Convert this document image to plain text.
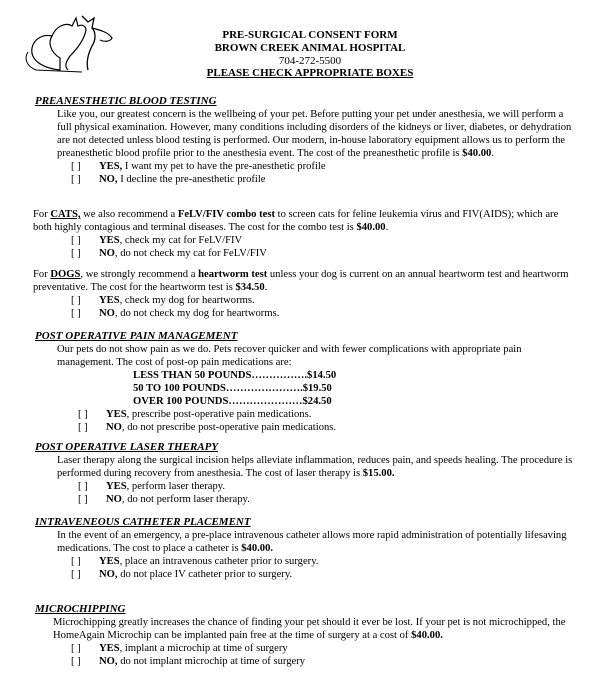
PRE-SURGICAL CONSENT FORM
BROWN CREEK ANIMAL HOSPITAL
704-272-5500
PLEASE CHECK APPROPRIATE BOXES
PREANESTHETIC BLOOD TESTING
Like you, our greatest concern is the wellbeing of your pet. Before putting your pet under anesthesia, we will perform a full physical examination. However, many conditions including disorders of the kidneys or liver, diabetes, or dehydration are not detected unless blood testing is performed. Our modern, in-house laboratory equipment allows us to perform the preanesthetic blood profile prior to the anesthesia event. The cost of the preanesthetic profile is $40.00.
[ ] YES, I want my pet to have the pre-anesthetic profile
[ ] NO, I decline the pre-anesthetic profile
For CATS, we also recommend a FeLV/FIV combo test to screen cats for feline leukemia virus and FIV(AIDS); which are both highly contagious and terminal diseases. The cost for the combo test is $40.00.
[ ] YES, check my cat for FeLV/FIV
[ ] NO, do not check my cat for FeLV/FIV
For DOGS, we strongly recommend a heartworm test unless your dog is current on an annual heartworm test and heartworm preventative. The cost for the heartworm test is $34.50.
[ ] YES, check my dog for heartworms.
[ ] NO, do not check my dog for heartworms.
POST OPERATIVE PAIN MANAGEMENT
Our pets do not show pain as we do. Pets recover quicker and with fewer complications with appropriate pain management. The cost of post-op pain medications are:
LESS THAN 50 POUNDS…………….$14.50
50 TO 100 POUNDS………………….$19.50
OVER 100 POUNDS…………………$24.50
[ ] YES, prescribe post-operative pain medications.
[ ] NO, do not prescribe post-operative pain medications.
POST OPERATIVE LASER THERAPY
Laser therapy along the surgical incision helps alleviate inflammation, reduces pain, and speeds healing. The procedure is performed during recovery from anesthesia. The cost of laser therapy is $15.00.
[ ] YES, perform laser therapy.
[ ] NO, do not perform laser therapy.
INTRAVENEOUS CATHETER PLACEMENT
In the event of an emergency, a pre-place intravenous catheter allows more rapid administration of potentially lifesaving medications. The cost to place a catheter is $40.00.
[ ] YES, place an intravenous catheter prior to surgery.
[ ] NO, do not place IV catheter prior to surgery.
MICROCHIPPING
Microchipping greatly increases the chance of finding your pet should it ever be lost. If your pet is not microchipped, the HomeAgain Microchip can be implanted pain free at the time of surgery at a cost of $40.00.
[ ] YES, implant a microchip at time of surgery
[ ] NO, do not implant microchip at time of surgery
